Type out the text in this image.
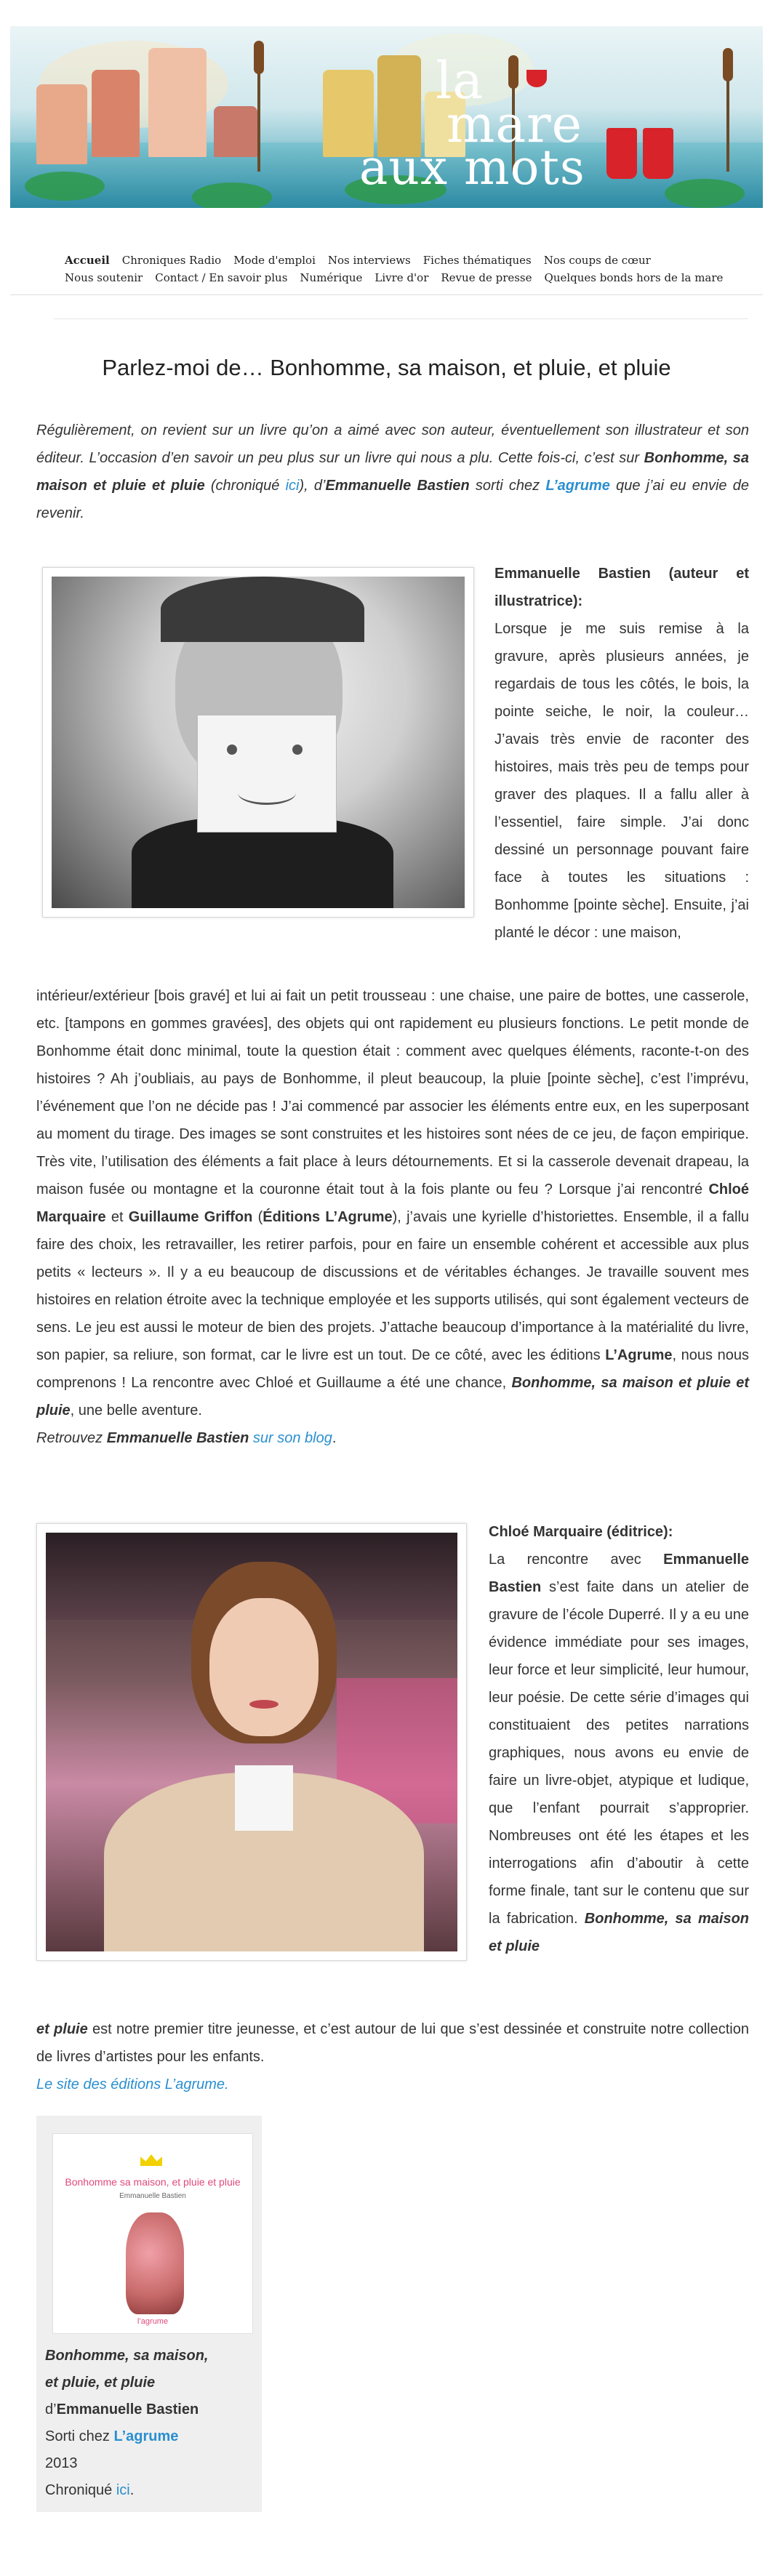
la
mare
aux mots
Accueil Chroniques Radio Mode d'emploi Nos interviews Fiches thématiques Nos coups de cœur
Nous soutenir Contact / En savoir plus Numérique Livre d'or Revue de presse Quelques bonds hors de la mare
Parlez-moi de… Bonhomme, sa maison, et pluie, et pluie
Régulièrement, on revient sur un livre qu’on a aimé avec son auteur, éventuellement son illustrateur et son éditeur. L’occasion d’en savoir un peu plus sur un livre qui nous a plu. Cette fois-ci, c’est sur Bonhomme, sa maison et pluie et pluie (chroniqué ici), d’Emmanuelle Bastien sorti chez L’agrume que j’ai eu envie de revenir.
Emmanuelle Bastien (auteur et illustratrice):
Lorsque je me suis remise à la gravure, après plusieurs années, je regardais de tous les côtés, le bois, la pointe seiche, le noir, la couleur… J’avais très envie de raconter des histoires, mais très peu de temps pour graver des plaques. Il a fallu aller à l’essentiel, faire simple. J’ai donc dessiné un personnage pouvant faire face à toutes les situations : Bonhomme [pointe sèche]. Ensuite, j’ai planté le décor : une maison,
intérieur/extérieur [bois gravé] et lui ai fait un petit trousseau : une chaise, une paire de bottes, une casserole, etc. [tampons en gommes gravées], des objets qui ont rapidement eu plusieurs fonctions. Le petit monde de Bonhomme était donc minimal, toute la question était : comment avec quelques éléments, raconte-t-on des histoires ? Ah j’oubliais, au pays de Bonhomme, il pleut beaucoup, la pluie [pointe sèche], c’est l’imprévu, l’événement que l’on ne décide pas ! J’ai commencé par associer les éléments entre eux, en les superposant au moment du tirage. Des images se sont construites et les histoires sont nées de ce jeu, de façon empirique. Très vite, l’utilisation des éléments a fait place à leurs détournements. Et si la casserole devenait drapeau, la maison fusée ou montagne et la couronne était tout à la fois plante ou feu ? Lorsque j’ai rencontré Chloé Marquaire et Guillaume Griffon (Éditions L’Agrume), j’avais une kyrielle d’historiettes. Ensemble, il a fallu faire des choix, les retravailler, les retirer parfois, pour en faire un ensemble cohérent et accessible aux plus petits « lecteurs ». Il y a eu beaucoup de discussions et de véritables échanges. Je travaille souvent mes histoires en relation étroite avec la technique employée et les supports utilisés, qui sont également vecteurs de sens. Le jeu est aussi le moteur de bien des projets. J’attache beaucoup d’importance à la matérialité du livre, son papier, sa reliure, son format, car le livre est un tout. De ce côté, avec les éditions L’Agrume, nous nous comprenons ! La rencontre avec Chloé et Guillaume a été une chance, Bonhomme, sa maison et pluie et pluie, une belle aventure.
Retrouvez Emmanuelle Bastien sur son blog.
Chloé Marquaire (éditrice):
La rencontre avec Emmanuelle Bastien s’est faite dans un atelier de gravure de l’école Duperré. Il y a eu une évidence immédiate pour ses images, leur force et leur simplicité, leur humour, leur poésie. De cette série d’images qui constituaient des petites narrations graphiques, nous avons eu envie de faire un livre-objet, atypique et ludique, que l’enfant pourrait s’approprier. Nombreuses ont été les étapes et les interrogations afin d’aboutir à cette forme finale, tant sur le contenu que sur la fabrication. Bonhomme, sa maison et pluie
et pluie est notre premier titre jeunesse, et c’est autour de lui que s’est dessinée et construite notre collection de livres d’artistes pour les enfants.
Le site des éditions L’agrume.
Bonhomme sa maison, et pluie et pluie
Emmanuelle Bastien
l’agrume
Bonhomme, sa maison,
et pluie, et pluie
d’Emmanuelle Bastien
Sorti chez L’agrume
2013
Chroniqué ici.
